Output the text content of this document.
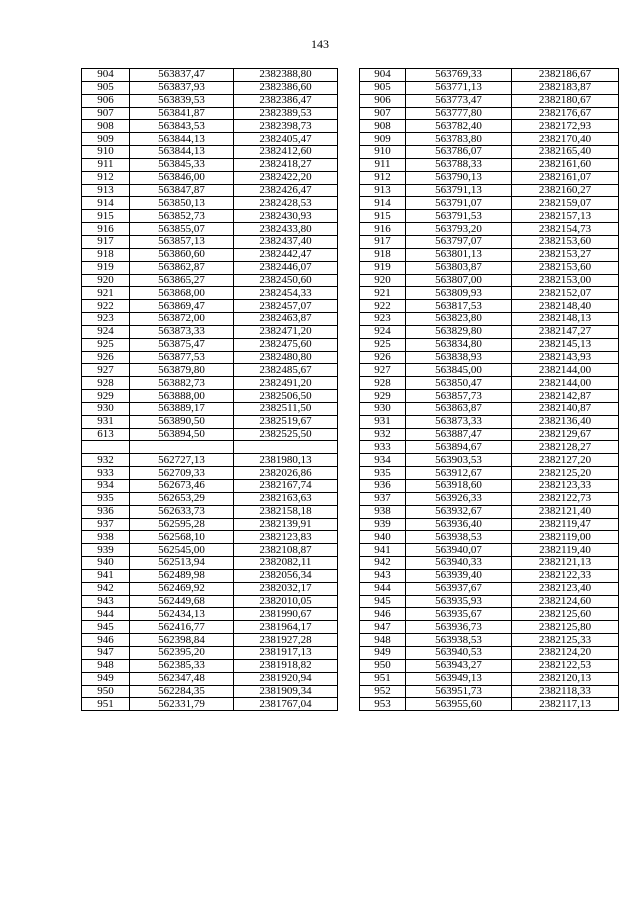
143
904	563837,47	2382388,80
905	563837,93	2382386,60
906	563839,53	2382386,47
907	563841,87	2382389,53
908	563843,53	2382398,73
909	563844,13	2382405,47
910	563844,13	2382412,60
911	563845,33	2382418,27
912	563846,00	2382422,20
913	563847,87	2382426,47
914	563850,13	2382428,53
915	563852,73	2382430,93
916	563855,07	2382433,80
917	563857,13	2382437,40
918	563860,60	2382442,47
919	563862,87	2382446,07
920	563865,27	2382450,60
921	563868,00	2382454,33
922	563869,47	2382457,07
923	563872,00	2382463,87
924	563873,33	2382471,20
925	563875,47	2382475,60
926	563877,53	2382480,80
927	563879,80	2382485,67
928	563882,73	2382491,20
929	563888,00	2382506,50
930	563889,17	2382511,50
931	563890,50	2382519,67
613	563894,50	2382525,50

932	562727,13	2381980,13
933	562709,33	2382026,86
934	562673,46	2382167,74
935	562653,29	2382163,63
936	562633,73	2382158,18
937	562595,28	2382139,91
938	562568,10	2382123,83
939	562545,00	2382108,87
940	562513,94	2382082,11
941	562489,98	2382056,34
942	562469,92	2382032,17
943	562449,68	2382010,05
944	562434,13	2381990,67
945	562416,77	2381964,17
946	562398,84	2381927,28
947	562395,20	2381917,13
948	562385,33	2381918,82
949	562347,48	2381920,94
950	562284,35	2381909,34
951	562331,79	2381767,04
904	563769,33	2382186,67
905	563771,13	2382183,87
906	563773,47	2382180,67
907	563777,80	2382176,67
908	563782,40	2382172,93
909	563783,80	2382170,40
910	563786,07	2382165,40
911	563788,33	2382161,60
912	563790,13	2382161,07
913	563791,13	2382160,27
914	563791,07	2382159,07
915	563791,53	2382157,13
916	563793,20	2382154,73
917	563797,07	2382153,60
918	563801,13	2382153,27
919	563803,87	2382153,60
920	563807,00	2382153,00
921	563809,93	2382152,07
922	563817,53	2382148,40
923	563823,80	2382148,13
924	563829,80	2382147,27
925	563834,80	2382145,13
926	563838,93	2382143,93
927	563845,00	2382144,00
928	563850,47	2382144,00
929	563857,73	2382142,87
930	563863,87	2382140,87
931	563873,33	2382136,40
932	563887,47	2382129,67
933	563894,67	2382128,27
934	563903,53	2382127,20
935	563912,67	2382125,20
936	563918,60	2382123,33
937	563926,33	2382122,73
938	563932,67	2382121,40
939	563936,40	2382119,47
940	563938,53	2382119,00
941	563940,07	2382119,40
942	563940,33	2382121,13
943	563939,40	2382122,33
944	563937,67	2382123,40
945	563935,93	2382124,60
946	563935,67	2382125,60
947	563936,73	2382125,80
948	563938,53	2382125,33
949	563940,53	2382124,20
950	563943,27	2382122,53
951	563949,13	2382120,13
952	563951,73	2382118,33
953	563955,60	2382117,13
